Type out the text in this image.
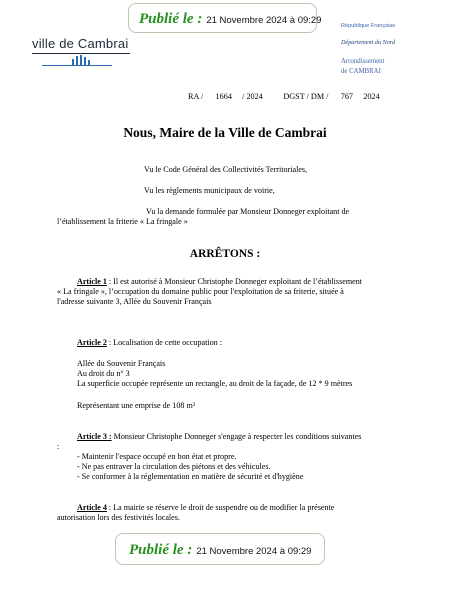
Publié le : 21 Novembre 2024 à 09:29
ville de Cambrai
République Française
Département du Nord
Arrondissement
de CAMBRAI
RA / 1664 / 2024 DGST / DM / 767 2024
Nous, Maire de la Ville de Cambrai
Vu le Code Général des Collectivités Territoriales,
Vu les règlements municipaux de voirie,
Vu la demande formulée par Monsieur Donneger exploitant de
l’établissement la friterie « La fringale »
ARRÊTONS :
Article 1 : Il est autorisé à Monsieur Christophe Donneger exploitant de l’établissement
« La fringale », l’occupation du domaine public pour l'exploitation de sa friterie, située à
l'adresse suivante 3, Allée du Souvenir Français
Article 2 : Localisation de cette occupation :
Allée du Souvenir Français
Au droit du n° 3
La superficie occupée représente un rectangle, au droit de la façade, de 12 * 9 mètres
Représentant une emprise de 108 m²
Article 3 : Monsieur Christophe Donneger s'engage à respecter les conditions suivantes
:
- Maintenir l'espace occupé en bon état et propre.
- Ne pas entraver la circulation des piétons et des véhicules.
- Se conformer à la réglementation en matière de sécurité et d'hygiène
Article 4 : La mairie se réserve le droit de suspendre ou de modifier la présente
autorisation lors des festivités locales.
Publié le : 21 Novembre 2024 à 09:29
